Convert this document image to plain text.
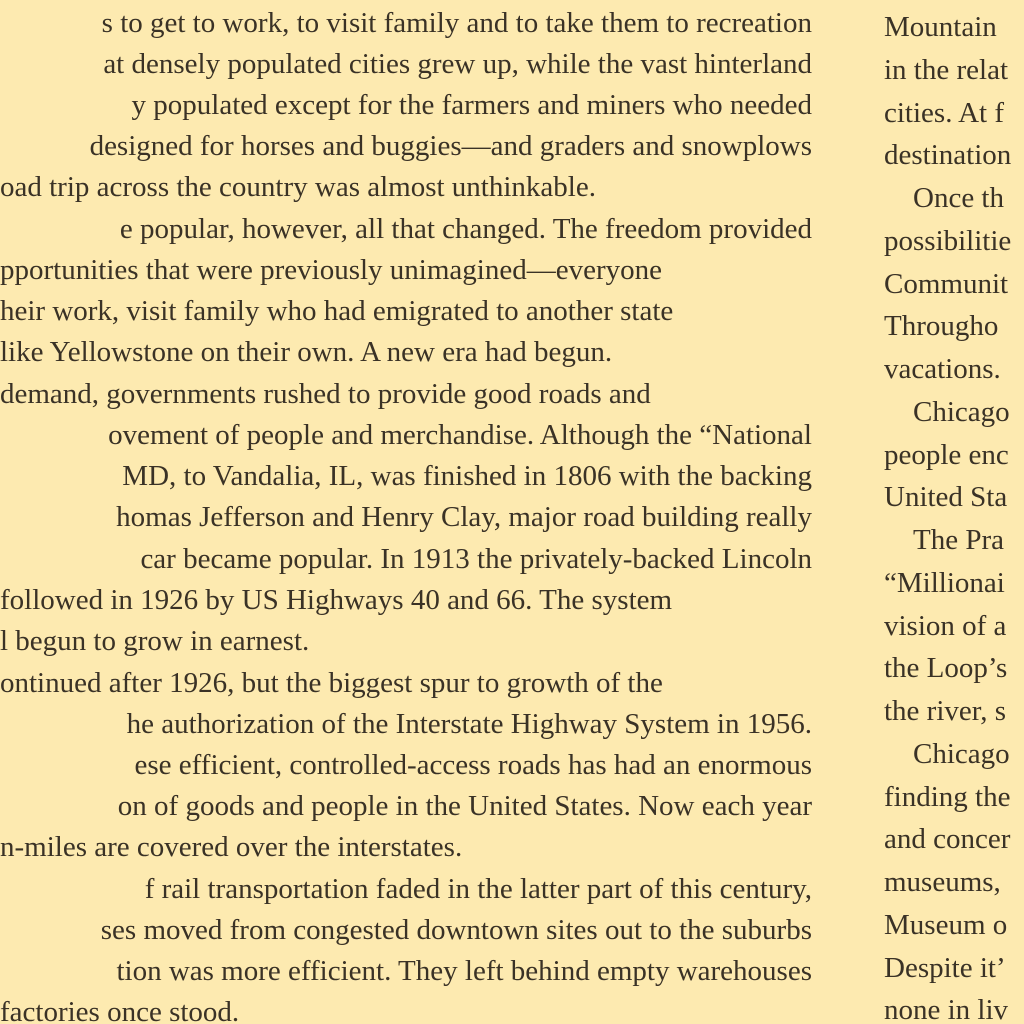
s to get to work, to visit family and to take them to recreation
at densely populated cities grew up, while the vast hinterland
y populated except for the farmers and miners who needed
designed for horses and buggies—and graders and snowplows
oad trip across the country was almost unthinkable.
e popular, however, all that changed. The freedom provided
pportunities that were previously unimagined—everyone
heir work, visit family who had emigrated to another state
like Yellowstone on their own. A new era had begun.
demand, governments rushed to provide good roads and
ovement of people and merchandise. Although the “National
MD, to Vandalia, IL, was finished in 1806 with the backing
homas Jefferson and Henry Clay, major road building really
car became popular. In 1913 the privately-backed Lincoln
followed in 1926 by US Highways 40 and 66. The system
l begun to grow in earnest.
ontinued after 1926, but the biggest spur to growth of the
he authorization of the Interstate Highway System in 1956.
ese efficient, controlled-access roads has had an enormous
on of goods and people in the United States. Now each year
n-miles are covered over the interstates.
f rail transportation faded in the latter part of this century,
ses moved from congested downtown sites out to the suburbs
tion was more efficient. They left behind empty warehouses
factories once stood.
Mountain
in the relat
cities. At f
destination
Once th
possibilitie
Communit
Througho
vacations.
Chicago
people enc
United Sta
The Pra
“Millionai
vision of a
the Loop’s
the river, s
Chicago
finding the
and concer
museums,
Museum o
Despite it’
none in liv
